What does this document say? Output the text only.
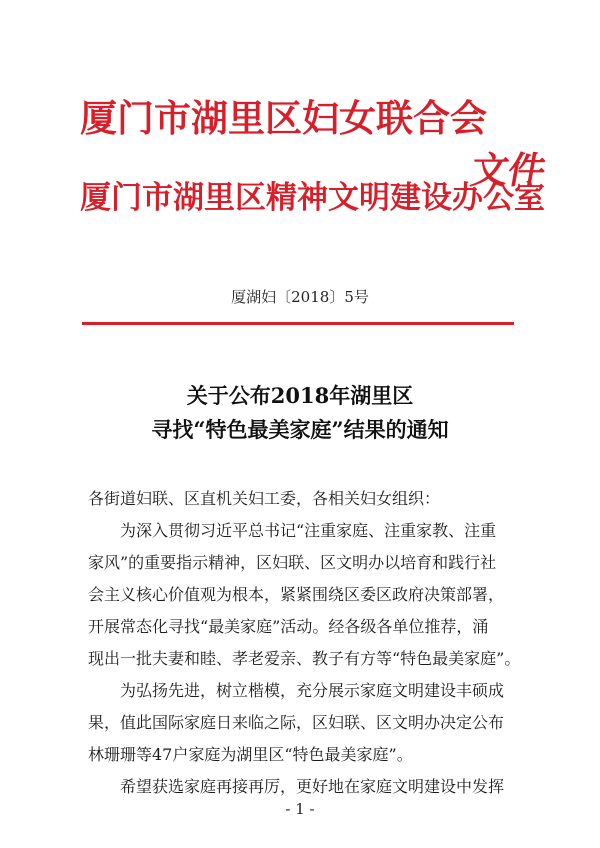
厦门市湖里区妇女联合会
厦门市湖里区精神文明建设办公室
文件
厦湖妇〔2018〕5号
关于公布2018年湖里区
寻找“特色最美家庭”结果的通知
各街道妇联、区直机关妇工委，各相关妇女组织：
为深入贯彻习近平总书记“注重家庭、注重家教、注重
家风”的重要指示精神，区妇联、区文明办以培育和践行社
会主义核心价值观为根本，紧紧围绕区委区政府决策部署，
开展常态化寻找“最美家庭”活动。经各级各单位推荐，涌
现出一批夫妻和睦、孝老爱亲、教子有方等“特色最美家庭”。
为弘扬先进，树立楷模，充分展示家庭文明建设丰硕成
果，值此国际家庭日来临之际，区妇联、区文明办决定公布
林珊珊等47户家庭为湖里区“特色最美家庭”。
希望获选家庭再接再厉，更好地在家庭文明建设中发挥
- 1 -
